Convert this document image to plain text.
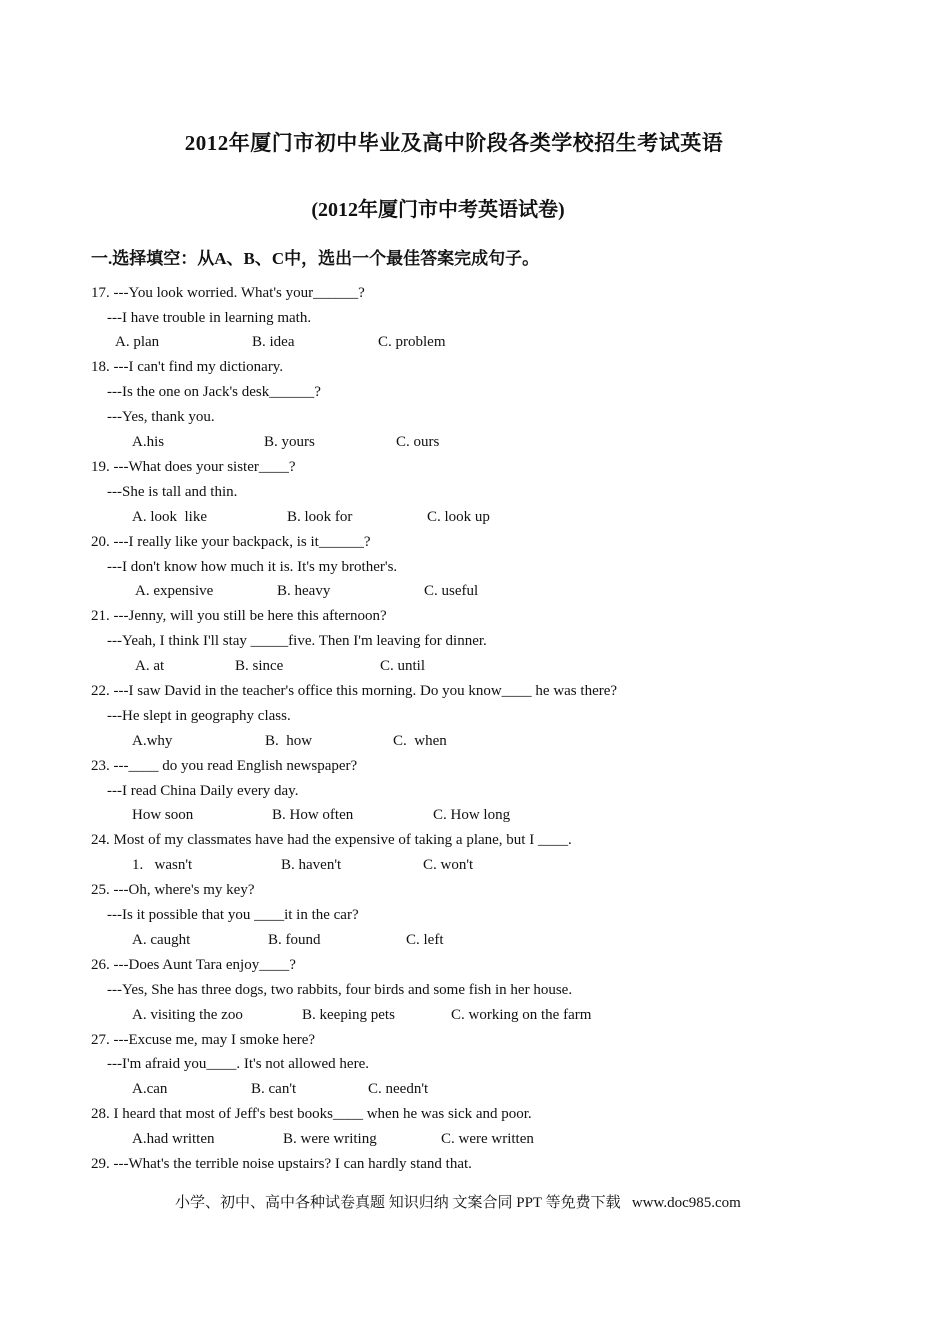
2012年厦门市初中毕业及高中阶段各类学校招生考试英语
(2012年厦门市中考英语试卷)
一.选择填空：从A、B、C中，选出一个最佳答案完成句子。
17. ---You look worried. What's your______?
---I have trouble in learning math.
A. plan	B. idea	C. problem
18. ---I can't find my dictionary.
---Is the one on Jack's desk______?
---Yes, thank you.
A.his	B. yours	C. ours
19. ---What does your sister____?
---She is tall and thin.
A. look  like	B. look for	C. look up
20. ---I really like your backpack, is it______?
---I don't know how much it is. It's my brother's.
A. expensive	B. heavy	C. useful
21. ---Jenny, will you still be here this afternoon?
---Yeah, I think I'll stay _____five. Then I'm leaving for dinner.
A. at	B. since	C. until
22. ---I saw David in the teacher's office this morning. Do you know____ he was there?
---He slept in geography class.
A.why	B.  how	C.  when
23. ---____ do you read English newspaper?
---I read China Daily every day.
How soon	B. How often	C. How long
24. Most of my classmates have had the expensive of taking a plane, but I ____.
1.   wasn't	B. haven't	C. won't
25. ---Oh, where's my key?
---Is it possible that you ____it in the car?
A. caught	B. found	C. left
26. ---Does Aunt Tara enjoy____?
---Yes, She has three dogs, two rabbits, four birds and some fish in her house.
A. visiting the zoo	B. keeping pets	C. working on the farm
27. ---Excuse me, may I smoke here?
---I'm afraid you____. It's not allowed here.
A.can	B. can't	C. needn't
28. I heard that most of Jeff's best books____ when he was sick and poor.
A.had written	B. were writing	C. were written
29. ---What's the terrible noise upstairs? I can hardly stand that.
小学、初中、高中各种试卷真题 知识归纳 文案合同 PPT 等免费下载   www.doc985.com
